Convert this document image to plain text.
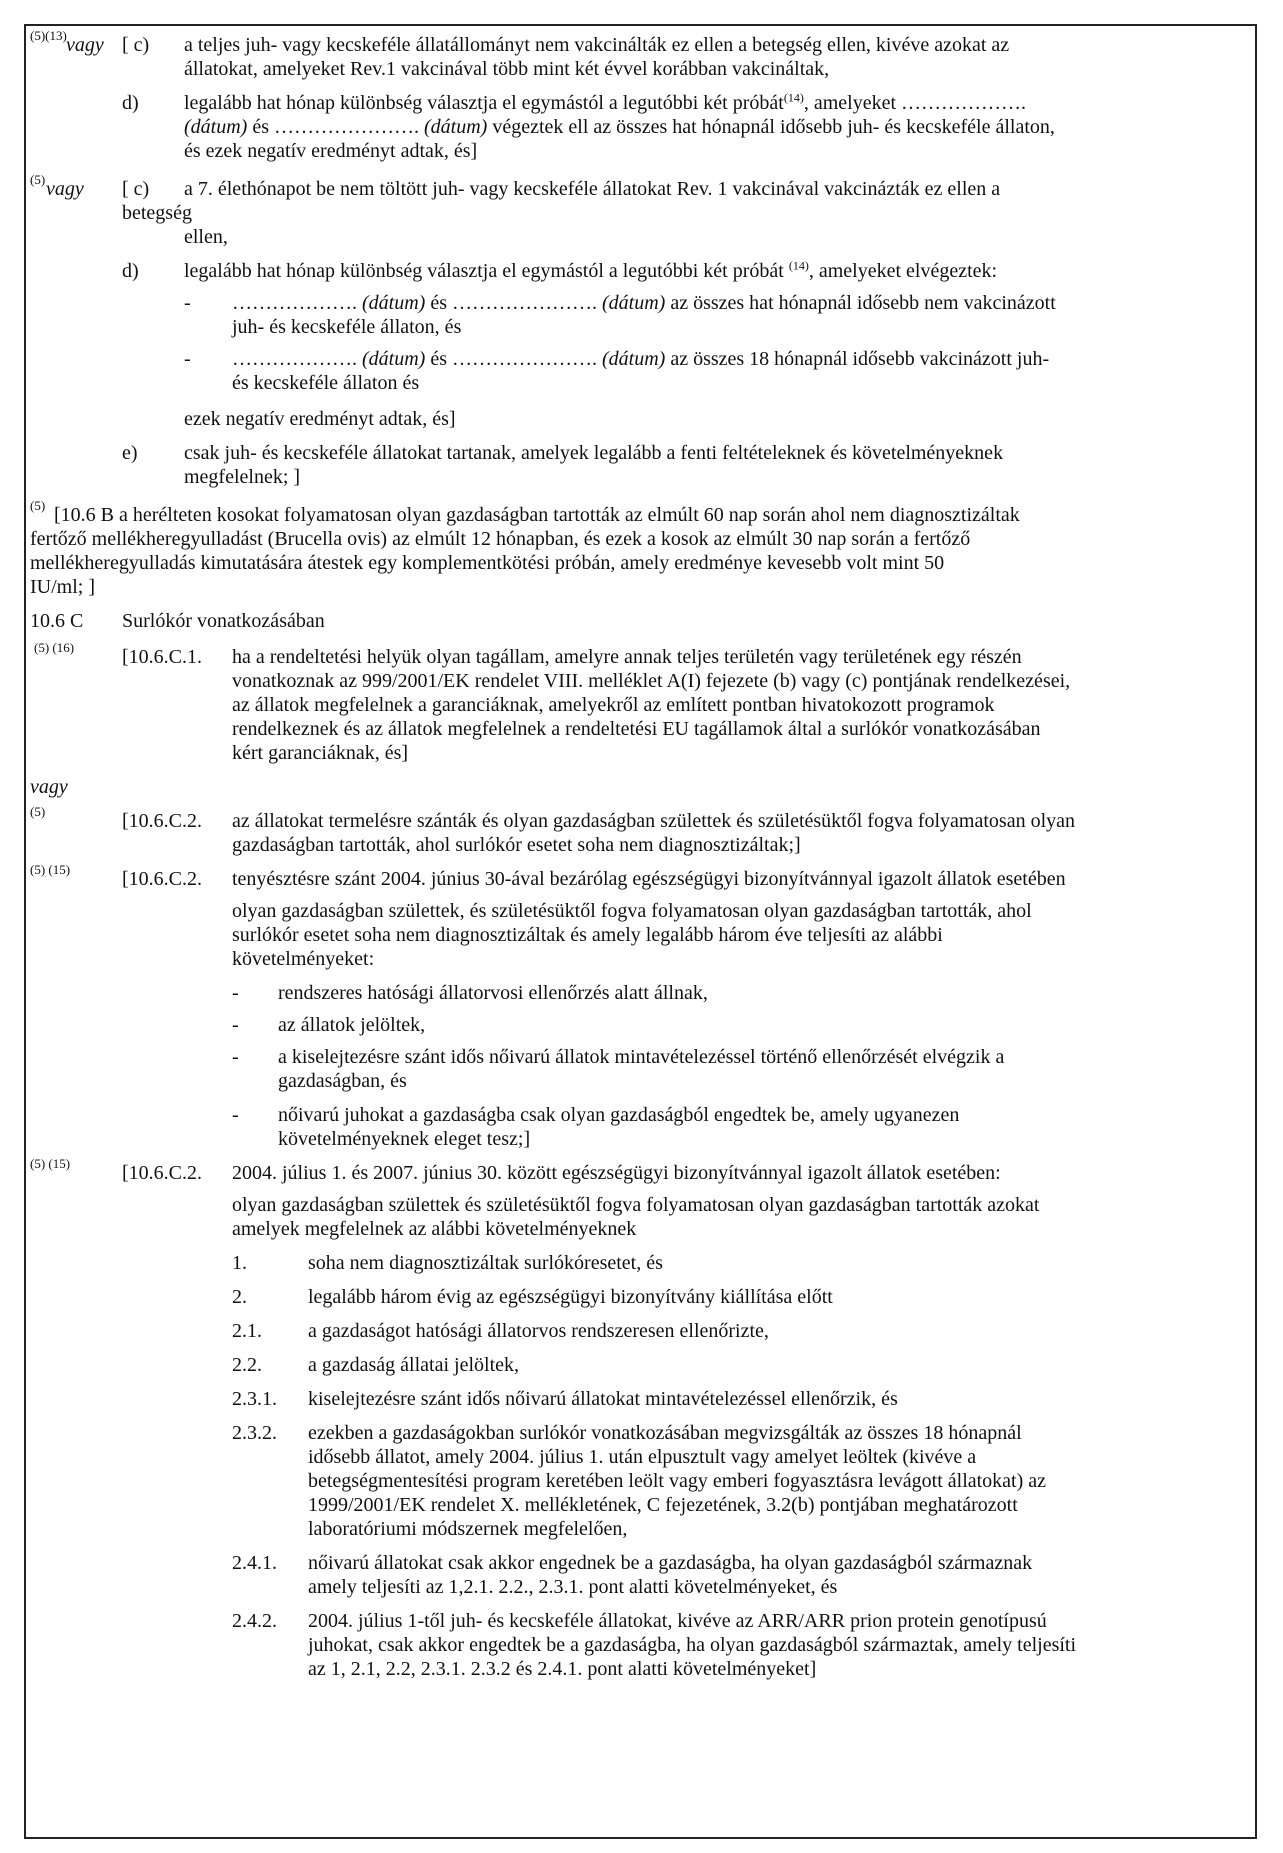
(5)(13) vagy [ c) a teljes juh- vagy kecskeféle állatállományt nem vakcinálták ez ellen a betegség ellen, kivéve azokat az
állatokat, amelyeket Rev.1 vakcinával több mint két évvel korábban vakcináltak,
d) legalább hat hónap különbség választja el egymástól a legutóbbi két próbát$^{(14)}$, amelyeket ……………….
(dátum) és …………………. (dátum) végeztek ell az összes hat hónapnál idősebb juh- és kecskeféle állaton,
és ezek negatív eredményt adtak, és]
(5) vagy [ c) a 7. élethónapot be nem töltött juh- vagy kecskeféle állatokat Rev. 1 vakcinával vakcinázták ez ellen a
betegség
ellen,
d) legalább hat hónap különbség választja el egymástól a legutóbbi két próbát $^{(14)}$, amelyeket elvégeztek:
- ………………. (dátum) és …………………. (dátum) az összes hat hónapnál idősebb nem vakcinázott
juh- és kecskeféle állaton, és
- ………………. (dátum) és …………………. (dátum) az összes 18 hónapnál idősebb vakcinázott juh-
és kecskeféle állaton és
ezek negatív eredményt adtak, és]
e) csak juh- és kecskeféle állatokat tartanak, amelyek legalább a fenti feltételeknek és követelményeknek
megfelelnek; ]
(5) [10.6 B a herélteten kosokat folyamatosan olyan gazdaságban tartották az elmúlt 60 nap során ahol nem diagnosztizáltak
fertőző mellékheregyulladást (Brucella ovis) az elmúlt 12 hónapban, és ezek a kosok az elmúlt 30 nap során a fertőző
mellékheregyulladás kimutatására átestek egy komplementkötési próbán, amely eredménye kevesebb volt mint 50
IU/ml; ]
10.6 C Surlókór vonatkozásában
(5) (16) [10.6.C.1. ha a rendeltetési helyük olyan tagállam, amelyre annak teljes területén vagy területének egy részén
vonatkoznak az 999/2001/EK rendelet VIII. melléklet A(I) fejezete (b) vagy (c) pontjának rendelkezései,
az állatok megfelelnek a garanciáknak, amelyekről az említett pontban hivatokozott programok
rendelkeznek és az állatok megfelelnek a rendeltetési EU tagállamok által a surlókór vonatkozásában
kért garanciáknak, és]
vagy
(5)	[10.6.C.2. az állatokat termelésre szánták és olyan gazdaságban születtek és születésüktől fogva folyamatosan olyan
gazdaságban tartották, ahol surlókór esetet soha nem diagnosztizáltak;]
(5) (15)	[10.6.C.2. tenyésztésre szánt 2004. június 30-ával bezárólag egészségügyi bizonyítvánnyal igazolt állatok esetében
olyan gazdaságban születtek, és születésüktől fogva folyamatosan olyan gazdaságban tartották, ahol
surlókór esetet soha nem diagnosztizáltak és amely legalább három éve teljesíti az alábbi
követelményeket:
- rendszeres hatósági állatorvosi ellenőrzés alatt állnak,
- az állatok jelöltek,
- a kiselejtezésre szánt idős nőivarú állatok mintavételezéssel történő ellenőrzését elvégzik a
gazdaságban, és
- nőivarú juhokat a gazdaságba csak olyan gazdaságból engedtek be, amely ugyanezen
követelményeknek eleget tesz;]
(5) (15)	[10.6.C.2. 2004. július 1. és 2007. június 30. között egészségügyi bizonyítvánnyal igazolt állatok esetében:
olyan gazdaságban születtek és születésüktől fogva folyamatosan olyan gazdaságban tartották azokat
amelyek megfelelnek az alábbi követelményeknek
1.	soha nem diagnosztizáltak surlókóresetet, és
2.	legalább három évig az egészségügyi bizonyítvány kiállítása előtt
2.1. a gazdaságot hatósági állatorvos rendszeresen ellenőrizte,
2.2. a gazdaság állatai jelöltek,
2.3.1. kiselejtezésre szánt idős nőivarú állatokat mintavételezéssel ellenőrzik, és
2.3.2. ezekben a gazdaságokban surlókór vonatkozásában megvizsgálták az összes 18 hónapnál
idősebb állatot, amely 2004. július 1. után elpusztult vagy amelyet leöltek (kivéve a
betegségmentesítési program keretében leölt vagy emberi fogyasztásra levágott állatokat) az
1999/2001/EK rendelet X. mellékletének, C fejezetének, 3.2(b) pontjában meghatározott
laboratóriumi módszernek megfelelően,
2.4.1. nőivarú állatokat csak akkor engednek be a gazdaságba, ha olyan gazdaságból származnak
amely teljesíti az 1,2.1. 2.2., 2.3.1. pont alatti követelményeket, és
2.4.2. 2004. július 1-től juh- és kecskeféle állatokat, kivéve az ARR/ARR prion protein genotípusú
juhokat, csak akkor engedtek be a gazdaságba, ha olyan gazdaságból származtak, amely teljesíti
az 1, 2.1, 2.2, 2.3.1. 2.3.2 és 2.4.1. pont alatti követelményeket]
